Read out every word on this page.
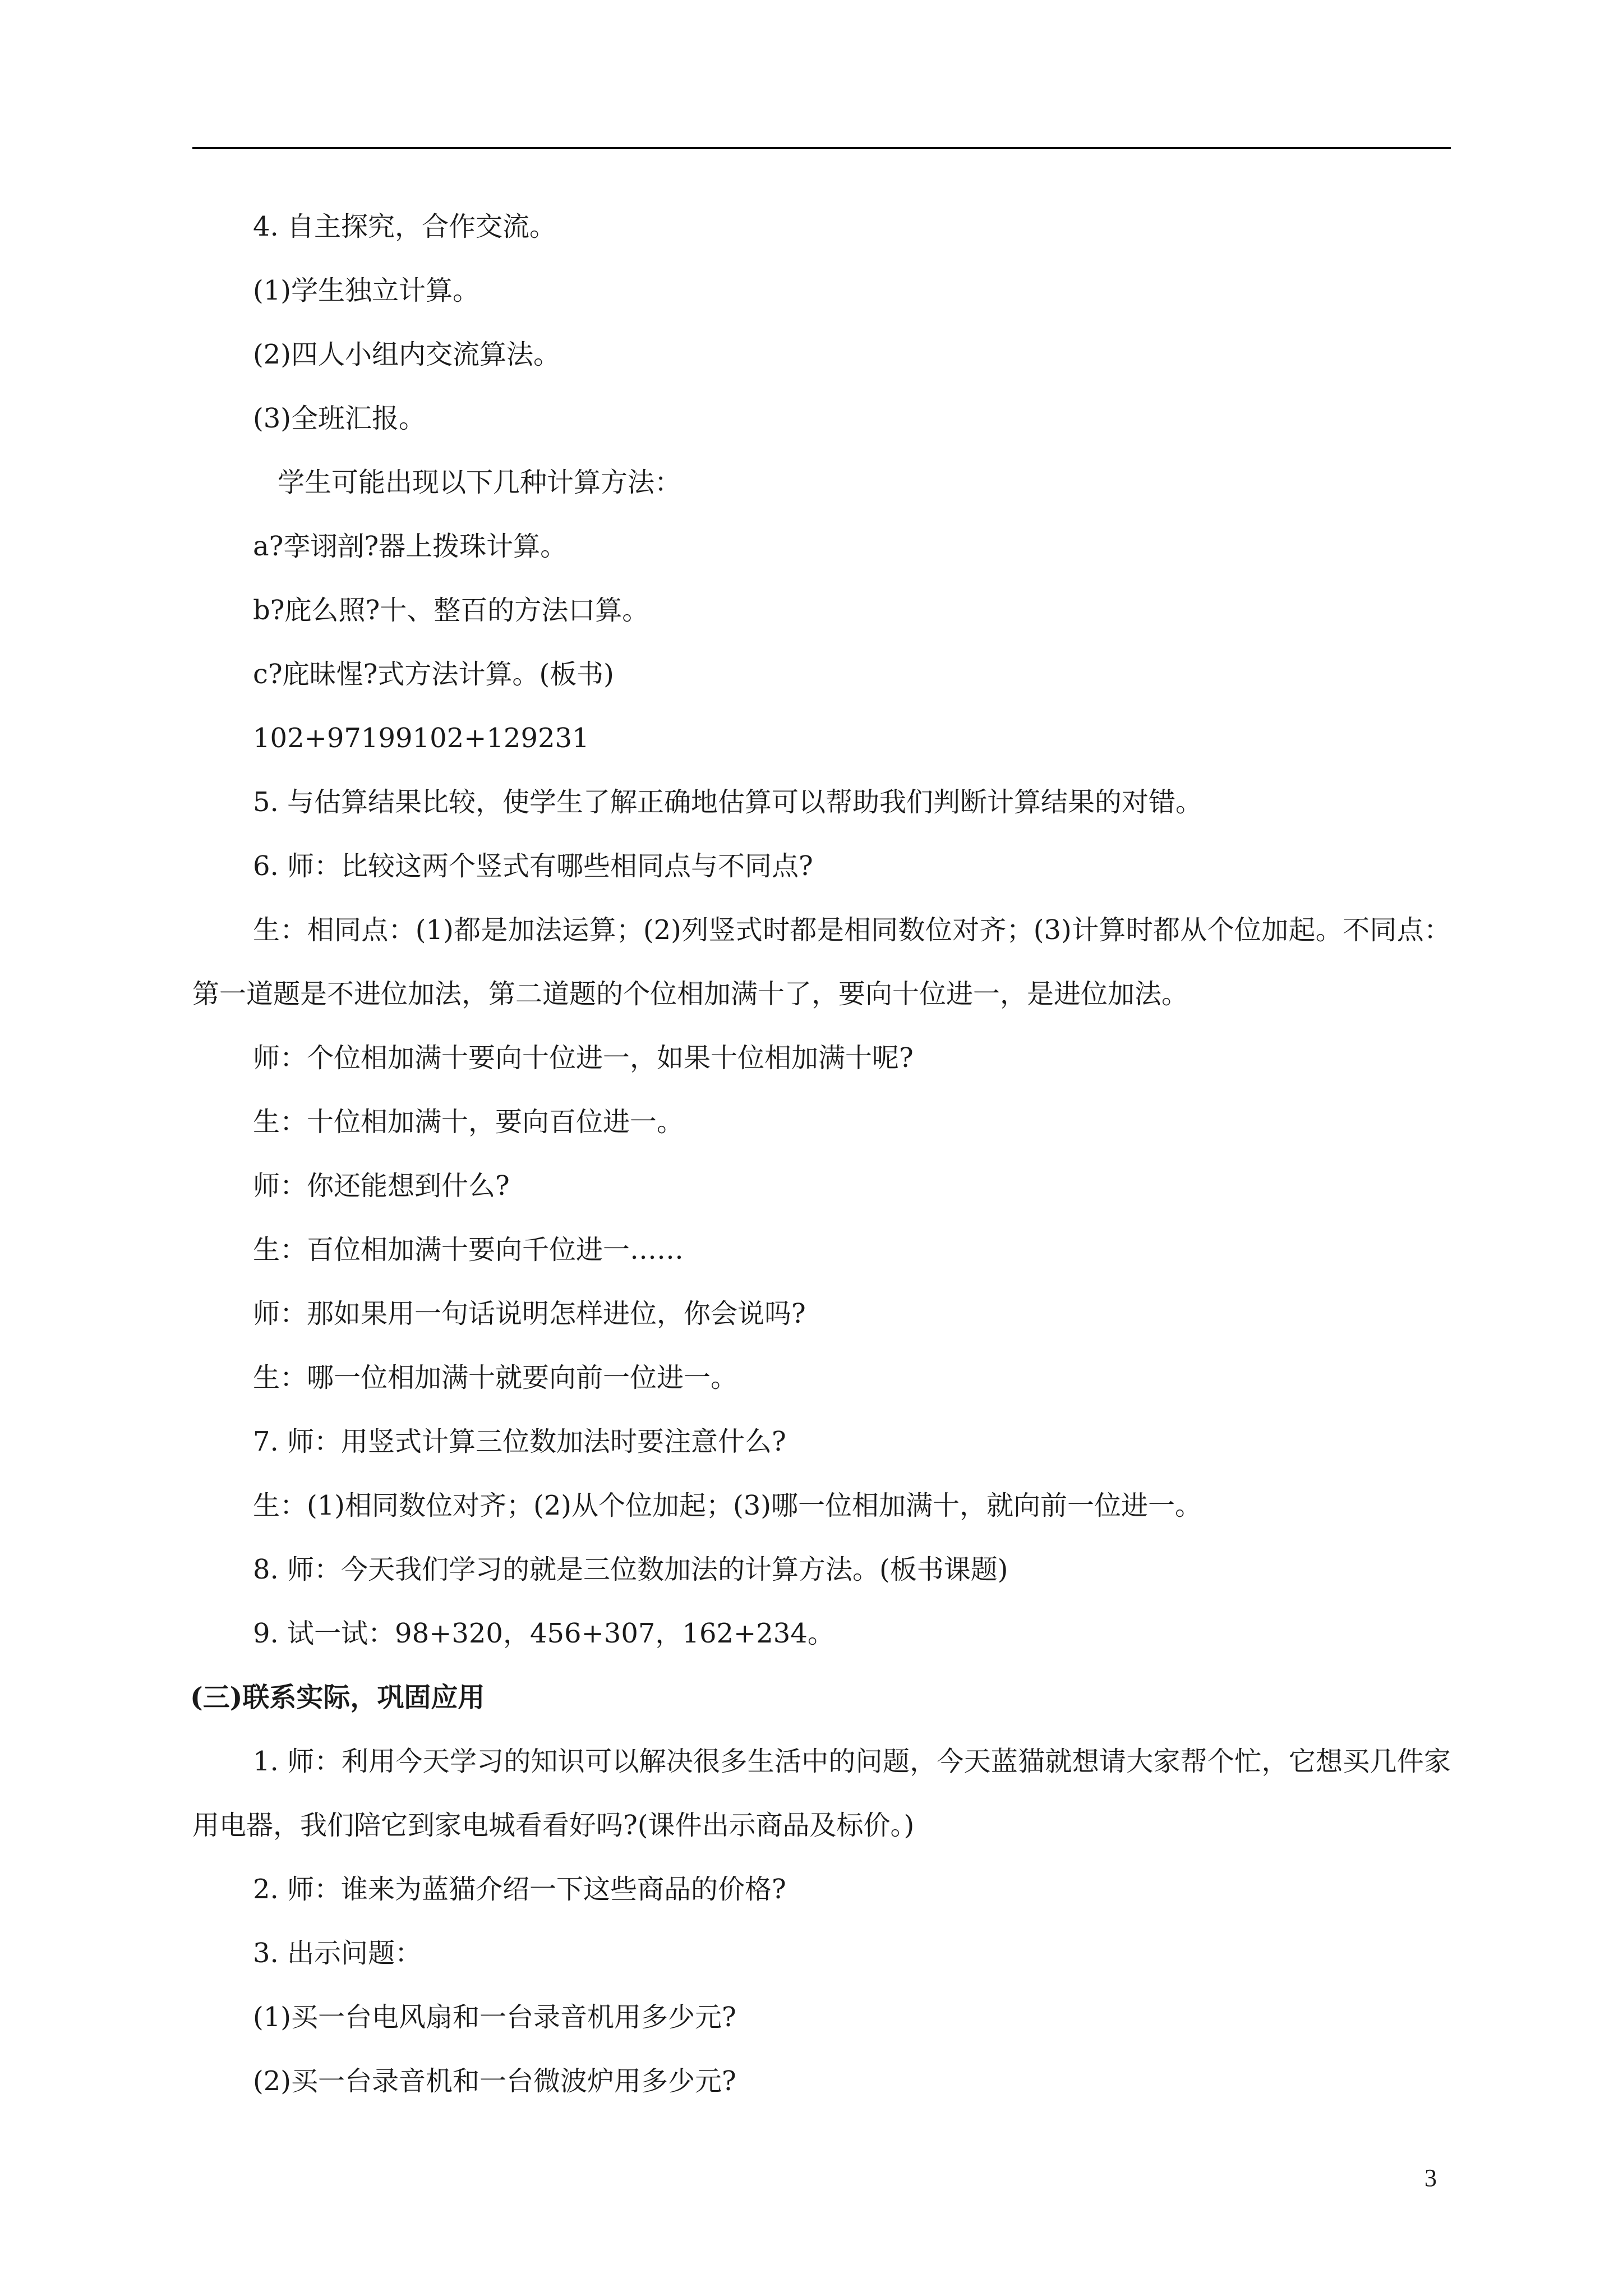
4. 自主探究，合作交流。
(1)学生独立计算。
(2)四人小组内交流算法。
(3)全班汇报。
学生可能出现以下几种计算方法：
a?孪诩剖?器上拨珠计算。
b?庇么照?十、整百的方法口算。
c?庇昧惺?式方法计算。(板书)
102+97199102+129231
5. 与估算结果比较，使学生了解正确地估算可以帮助我们判断计算结果的对错。
6. 师：比较这两个竖式有哪些相同点与不同点?
生：相同点：(1)都是加法运算；(2)列竖式时都是相同数位对齐；(3)计算时都从个位加起。不同点：第一道题是不进位加法，第二道题的个位相加满十了，要向十位进一，是进位加法。
师：个位相加满十要向十位进一，如果十位相加满十呢?
生：十位相加满十，要向百位进一。
师：你还能想到什么?
生：百位相加满十要向千位进一……
师：那如果用一句话说明怎样进位，你会说吗?
生：哪一位相加满十就要向前一位进一。
7. 师：用竖式计算三位数加法时要注意什么?
生：(1)相同数位对齐；(2)从个位加起；(3)哪一位相加满十，就向前一位进一。
8. 师：今天我们学习的就是三位数加法的计算方法。(板书课题)
9. 试一试：98+320，456+307，162+234。
(三)联系实际，巩固应用
1. 师：利用今天学习的知识可以解决很多生活中的问题，今天蓝猫就想请大家帮个忙，它想买几件家用电器，我们陪它到家电城看看好吗?(课件出示商品及标价。)
2. 师：谁来为蓝猫介绍一下这些商品的价格?
3. 出示问题：
(1)买一台电风扇和一台录音机用多少元?
(2)买一台录音机和一台微波炉用多少元?
3
